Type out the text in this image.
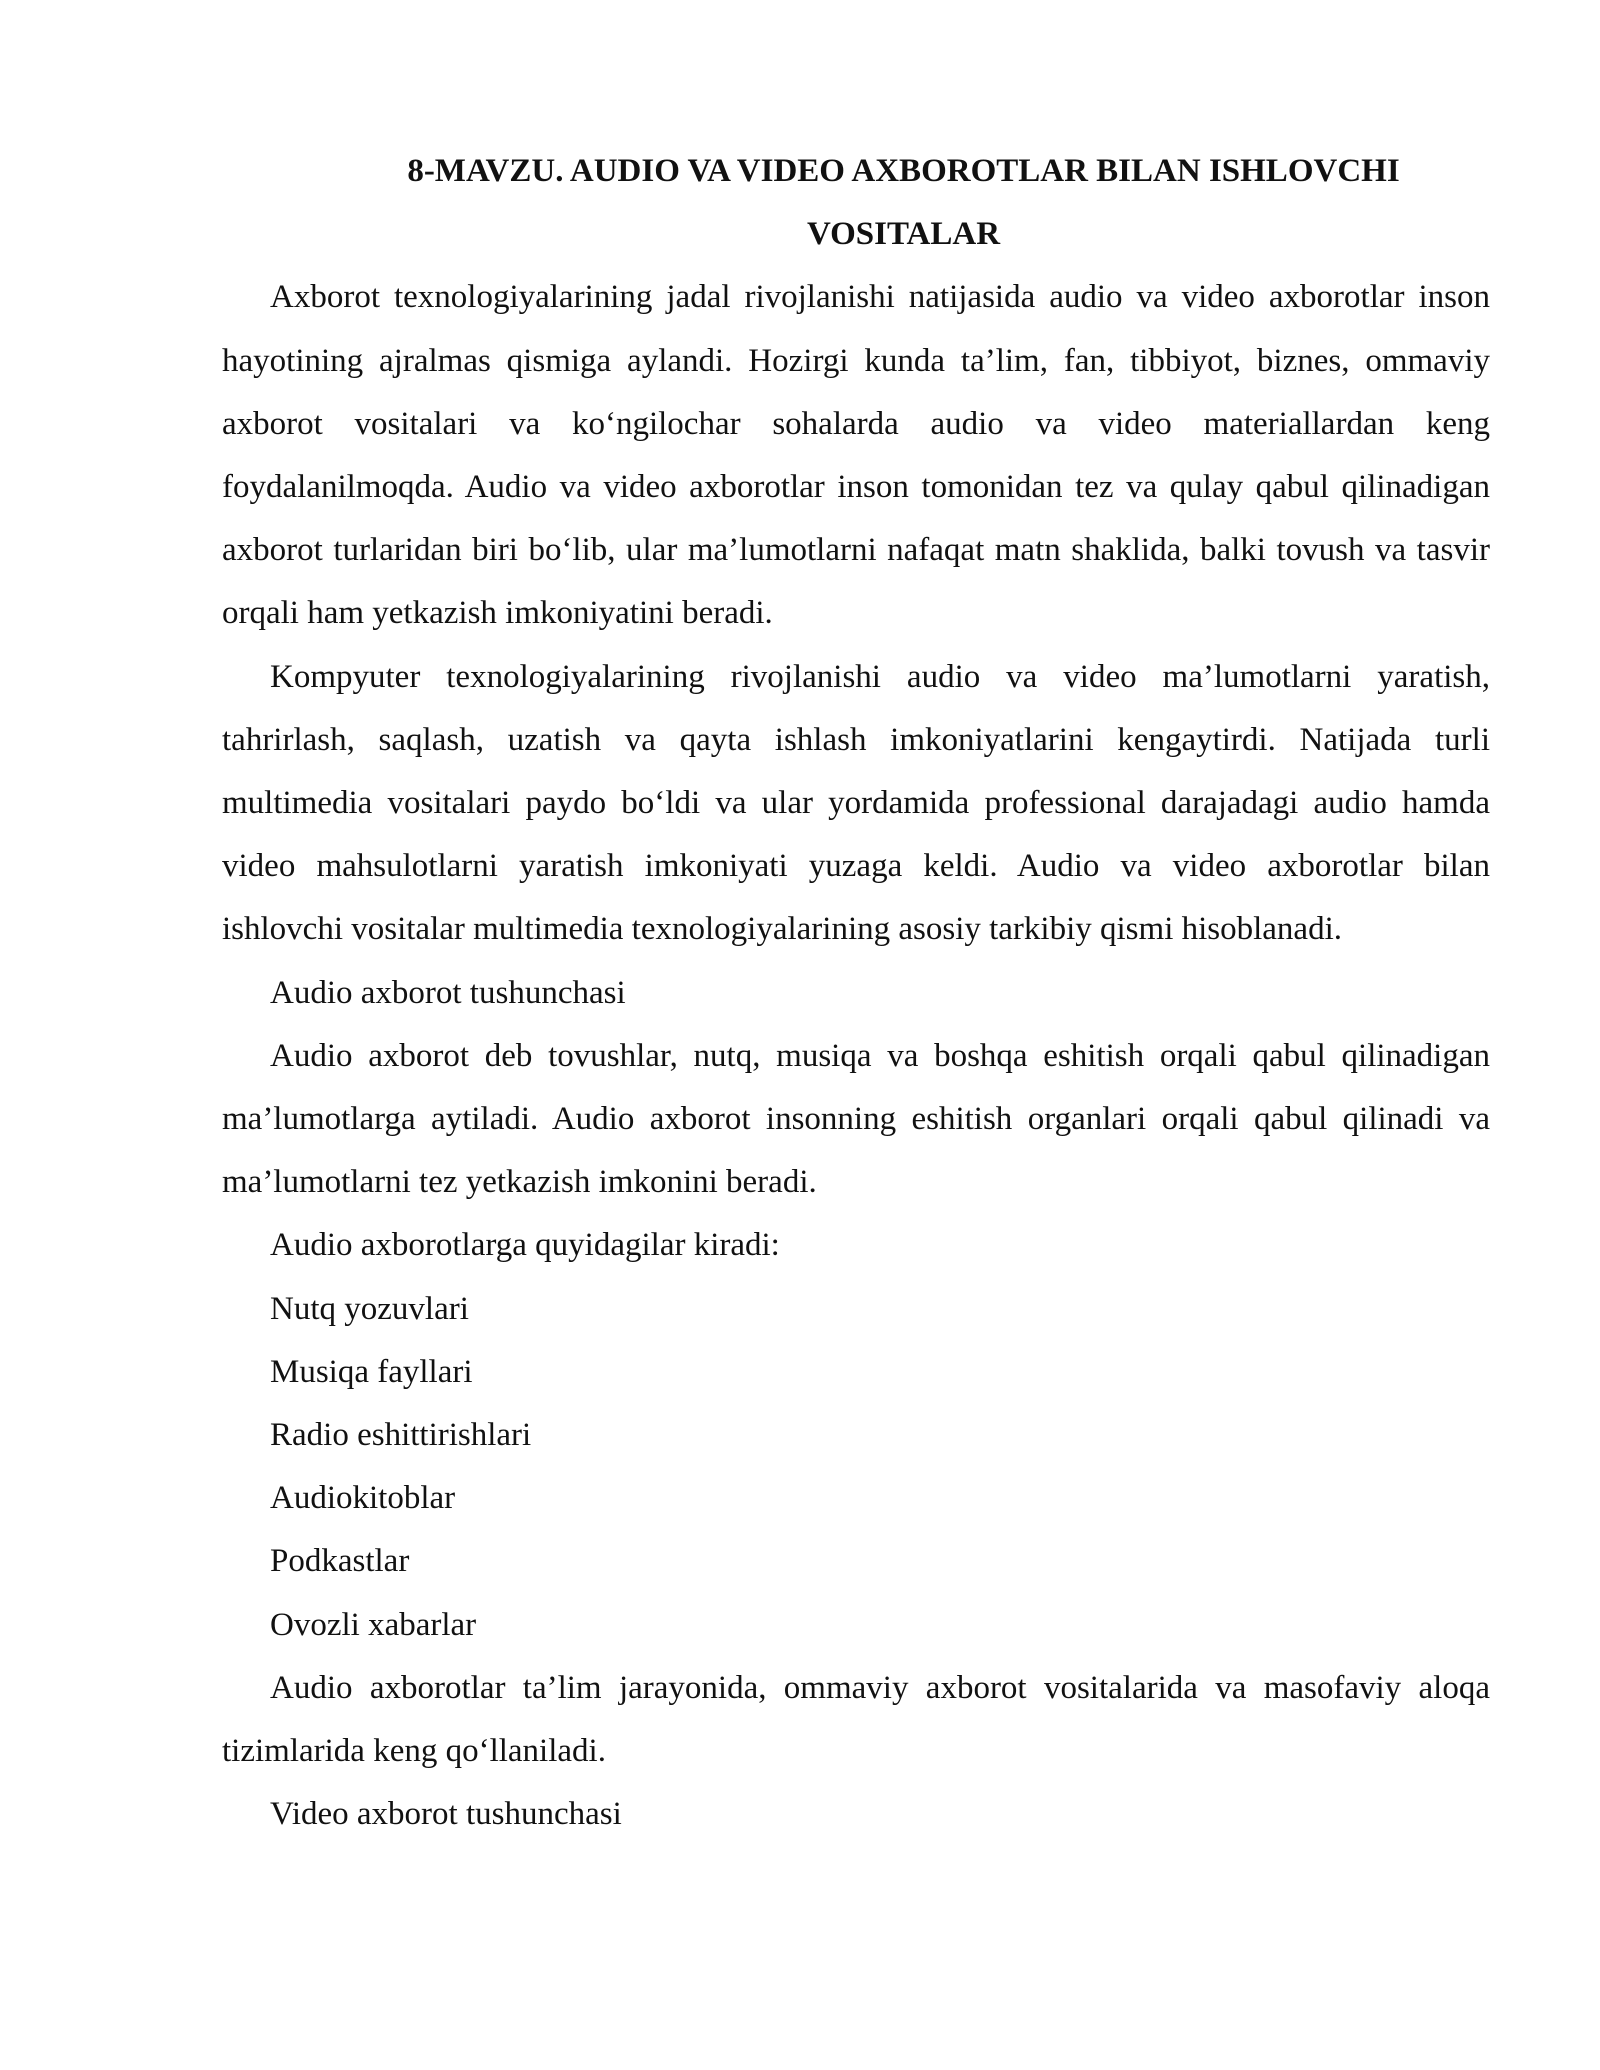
8-MAVZU. AUDIO VA VIDEO AXBOROTLAR BILAN ISHLOVCHI
VOSITALAR

Axborot texnologiyalarining jadal rivojlanishi natijasida audio va video axborotlar inson hayotining ajralmas qismiga aylandi. Hozirgi kunda ta’lim, fan, tibbiyot, biznes, ommaviy axborot vositalari va ko‘ngilochar sohalarda audio va video materiallardan keng foydalanilmoqda. Audio va video axborotlar inson tomonidan tez va qulay qabul qilinadigan axborot turlaridan biri bo‘lib, ular ma’lumotlarni nafaqat matn shaklida, balki tovush va tasvir orqali ham yetkazish imkoniyatini beradi.

Kompyuter texnologiyalarining rivojlanishi audio va video ma’lumotlarni yaratish, tahrirlash, saqlash, uzatish va qayta ishlash imkoniyatlarini kengaytirdi. Natijada turli multimedia vositalari paydo bo‘ldi va ular yordamida professional darajadagi audio hamda video mahsulotlarni yaratish imkoniyati yuzaga keldi. Audio va video axborotlar bilan ishlovchi vositalar multimedia texnologiyalarining asosiy tarkibiy qismi hisoblanadi.

Audio axborot tushunchasi

Audio axborot deb tovushlar, nutq, musiqa va boshqa eshitish orqali qabul qilinadigan ma’lumotlarga aytiladi. Audio axborot insonning eshitish organlari orqali qabul qilinadi va ma’lumotlarni tez yetkazish imkonini beradi.

Audio axborotlarga quyidagilar kiradi:

Nutq yozuvlari

Musiqa fayllari

Radio eshittirishlari

Audiokitoblar

Podkastlar

Ovozli xabarlar

Audio axborotlar ta’lim jarayonida, ommaviy axborot vositalarida va masofaviy aloqa tizimlarida keng qo‘llaniladi.

Video axborot tushunchasi
